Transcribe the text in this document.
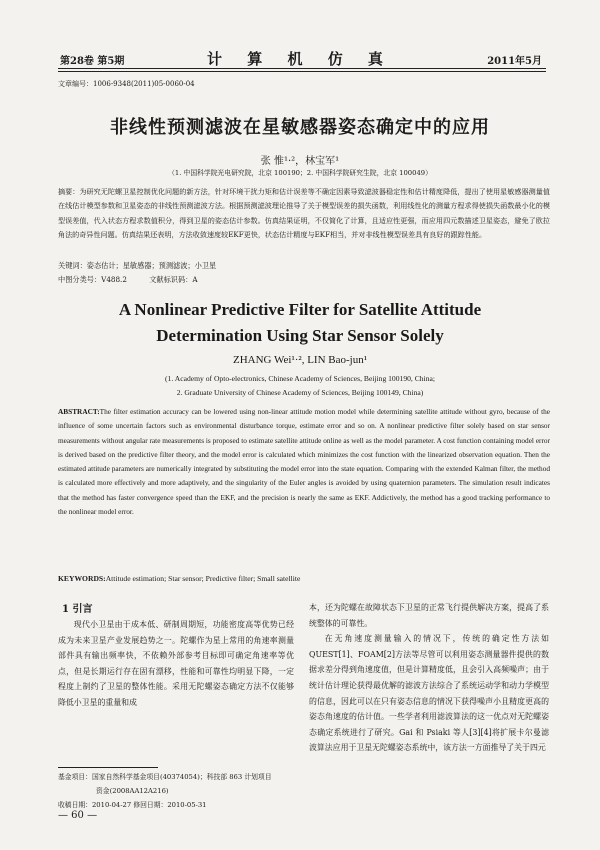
第28卷 第5期	计 算 机 仿 真	2011年5月
文章编号：1006-9348(2011)05-0060-04
非线性预测滤波在星敏感器姿态确定中的应用
张 惟¹·²，林宝军¹
（1. 中国科学院光电研究院，北京 100190；2. 中国科学院研究生院，北京 100049）
摘要：为研究无陀螺卫星控制优化问题的新方法，针对环境干扰力矩和估计误差等不确定因素导致滤波器稳定性和估计精度降低，提出了使用星敏感器测量值在线估计模型参数和卫星姿态的非线性预测滤波方法。根据预测滤波理论推导了关于模型误差的损失函数，利用线性化的测量方程求得使损失函数最小化的模型误差值，代入状态方程求数值积分，得到卫星的姿态估计参数。仿真结果证明，不仅简化了计算，且适应性更强，而应用四元数描述卫星姿态，避免了欧拉角法的奇异性问题。仿真结果还表明，方法收敛速度较EKF更快，状态估计精度与EKF相当，并对非线性模型误差具有良好的跟踪性能。
关键词：姿态估计；星敏感器；预测滤波；小卫星
中图分类号：V488.2	文献标识码：A
A Nonlinear Predictive Filter for Satellite Attitude
Determination Using Star Sensor Solely
ZHANG Wei¹·², LIN Bao-jun¹
(1. Academy of Opto-electronics, Chinese Academy of Sciences, Beijing 100190, China;
2. Graduate University of Chinese Academy of Sciences, Beijing 100149, China)
ABSTRACT:The filter estimation accuracy can be lowered using non-linear attitude motion model while determining satellite attitude without gyro, because of the influence of some uncertain factors such as environmental disturbance torque, estimate error and so on. A nonlinear predictive filter solely based on star sensor measurements without angular rate measurements is proposed to estimate satellite attitude online as well as the model parameter. A cost function containing model error is derived based on the predictive filter theory, and the model error is calculated which minimizes the cost function with the linearized observation equation. Then the estimated attitude parameters are numerically integrated by substituting the model error into the state equation. Comparing with the extended Kalman filter, the method is calculated more effectively and more adaptively, and the singularity of the Euler angles is avoided by using quaternion parameters. The simulation result indicates that the method has faster convergence speed than the EKF, and the precision is nearly the same as EKF. Addictively, the method has a good tracking performance to the nonlinear model error.
KEYWORDS:Attitude estimation; Star sensor; Predictive filter; Small satellite
1 引言

现代小卫星由于成本低、研制周期短，功能密度高等优势已经成为未来卫星产业发展趋势之一。陀螺作为星上常用的角速率测量部件具有输出频率快，不依赖外部参考目标即可确定角速率等优点，但是长期运行存在固有漂移，性能和可靠性均明显下降，一定程度上制约了卫星的整体性能。采用无陀螺姿态确定方法不仅能够降低小卫星的重量和成

本，还为陀螺在故障状态下卫星的正常飞行提供解决方案，提高了系统整体的可靠性。

在无角速度测量输入的情况下，传统的确定性方法如QUEST[1]、FOAM[2]方法等尽管可以利用姿态测量器件提供的数据求差分得到角速度值，但是计算精度低，且会引入高频噪声；由于统计估计理论获得最优解的滤波方法综合了系统运动学和动力学模型的信息，因此可以在只有姿态信息的情况下获得噪声小且精度更高的姿态角速度的估计值。一些学者利用滤波算法的这一优点对无陀螺姿态确定系统进行了研究。Gai 和 Psiaki 等人[3][4]将扩展卡尔曼滤波算法应用于卫星无陀螺姿态系统中，该方法一方面推导了关于四元

基金项目：国家自然科学基金项目(40374054)；科技部 863 计划项目
资金(2008AA12A216)
收稿日期：2010-04-27 修回日期：2010-05-31
— 60 —
